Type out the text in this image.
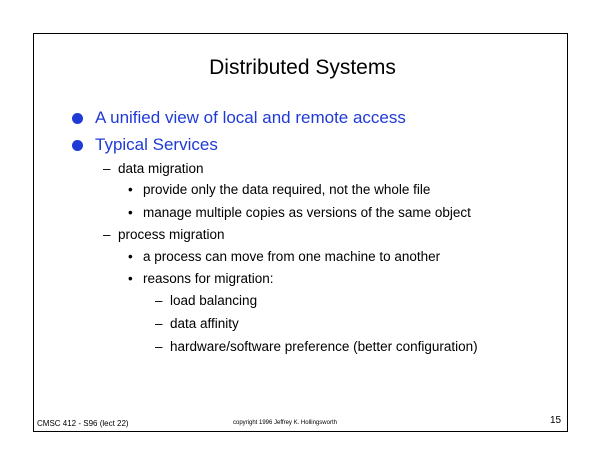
Distributed Systems
A unified view of local and remote access
Typical Services
– data migration
• provide only the data required, not the whole file
• manage multiple copies as versions of the same object
– process migration
• a process can move from one machine to another
• reasons for migration:
– load balancing
– data affinity
– hardware/software preference (better configuration)
CMSC 412 - S96 (lect 22)	copyright 1996 Jeffrey K. Hollingsworth	15
